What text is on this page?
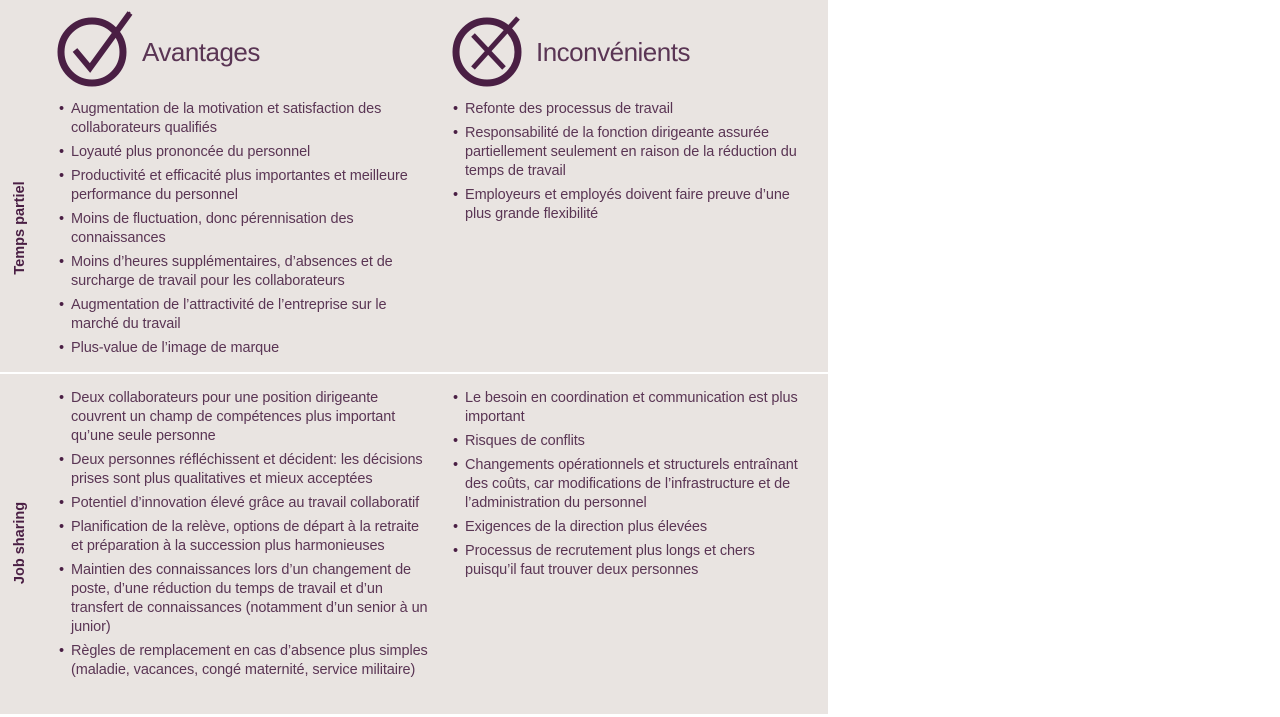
Avantages	Inconvénients
Temps partiel
• Augmentation de la motivation et satisfaction des collaborateurs qualifiés
• Loyauté plus prononcée du personnel
• Productivité et efficacité plus importantes et meilleure performance du personnel
• Moins de fluctuation, donc pérennisation des connaissances
• Moins d’heures supplémentaires, d’absences et de surcharge de travail pour les collaborateurs
• Augmentation de l’attractivité de l’entreprise sur le marché du travail
• Plus-value de l’image de marque
• Refonte des processus de travail
• Responsabilité de la fonction dirigeante assurée partiellement seulement en raison de la réduction du temps de travail
• Employeurs et employés doivent faire preuve d’une plus grande flexibilité
Job sharing
• Deux collaborateurs pour une position dirigeante couvrent un champ de compétences plus important qu’une seule personne
• Deux personnes réfléchissent et décident: les décisions prises sont plus qualitatives et mieux acceptées
• Potentiel d’innovation élevé grâce au travail collaboratif
• Planification de la relève, options de départ à la retraite et préparation à la succession plus harmonieuses
• Maintien des connaissances lors d’un changement de poste, d’une réduction du temps de travail et d’un transfert de connaissances (notamment d’un senior à un junior)
• Règles de remplacement en cas d’absence plus simples (maladie, vacances, congé maternité, service militaire)
• Le besoin en coordination et communication est plus important
• Risques de conflits
• Changements opérationnels et structurels entraînant des coûts, car modifications de l’infrastructure et de l’administration du personnel
• Exigences de la direction plus élevées
• Processus de recrutement plus longs et chers puisqu’il faut trouver deux personnes
